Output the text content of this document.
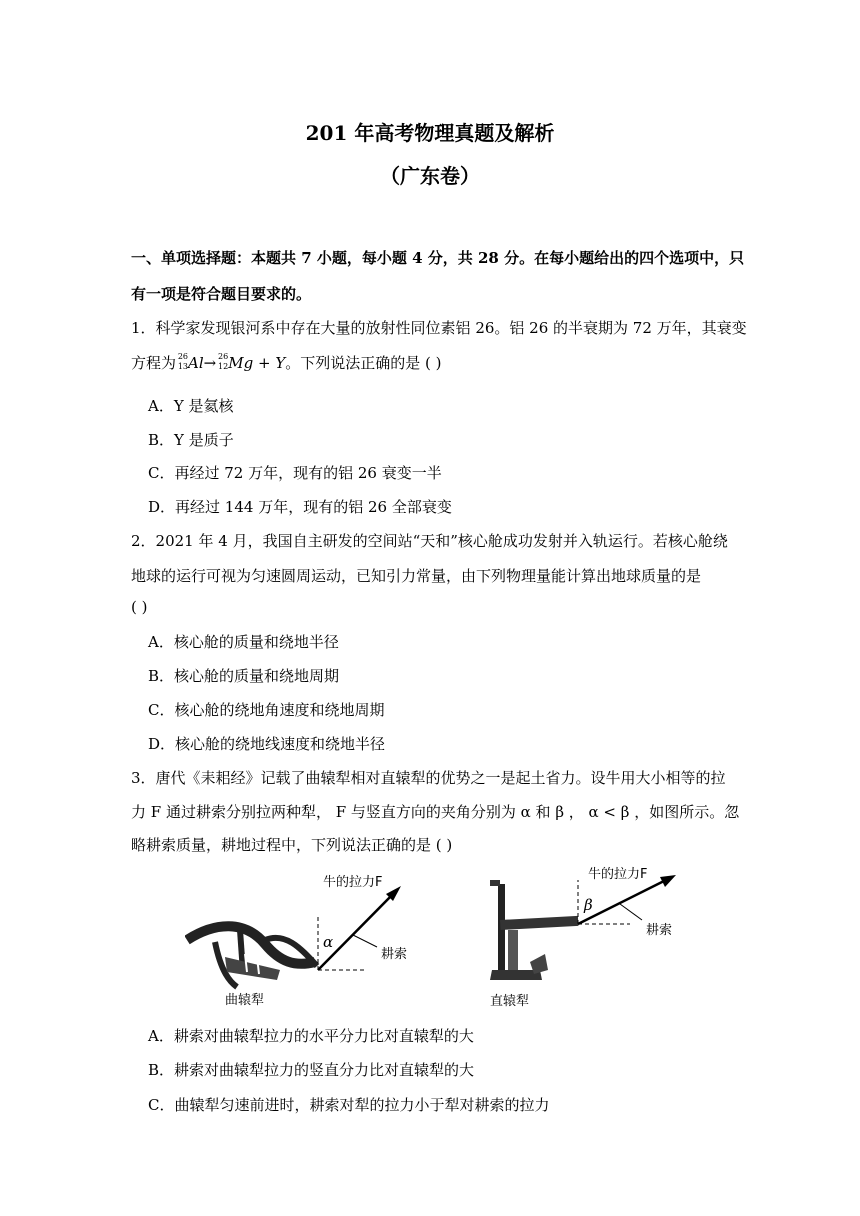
201 年高考物理真题及解析
（广东卷）
一、单项选择题：本题共 7 小题，每小题 4 分，共 28 分。在每小题给出的四个选项中，只
有一项是符合题目要求的。
1．科学家发现银河系中存在大量的放射性同位素铝 26。铝 26 的半衰期为 72 万年，其衰变
方程为 26
13 Al→ 26
12 Mg + Y。下列说法正确的是 ( )
A．Y 是氦核
B．Y 是质子
C．再经过 72 万年，现有的铝 26 衰变一半
D．再经过 144 万年，现有的铝 26 全部衰变
2．2021 年 4 月，我国自主研发的空间站“天和”核心舱成功发射并入轨运行。若核心舱绕
地球的运行可视为匀速圆周运动，已知引力常量，由下列物理量能计算出地球质量的是
( )
A．核心舱的质量和绕地半径
B．核心舱的质量和绕地周期
C．核心舱的绕地角速度和绕地周期
D．核心舱的绕地线速度和绕地半径
3．唐代《耒耜经》记载了曲辕犁相对直辕犁的优势之一是起土省力。设牛用大小相等的拉
力 F 通过耕索分别拉两种犁， F 与竖直方向的夹角分别为 α 和 β ， α < β ，如图所示。忽
略耕索质量，耕地过程中，下列说法正确的是 ( )
牛的拉力F
α
耕索
曲辕犁
牛的拉力F
β
耕索
直辕犁
A．耕索对曲辕犁拉力的水平分力比对直辕犁的大
B．耕索对曲辕犁拉力的竖直分力比对直辕犁的大
C．曲辕犁匀速前进时，耕索对犁的拉力小于犁对耕索的拉力
